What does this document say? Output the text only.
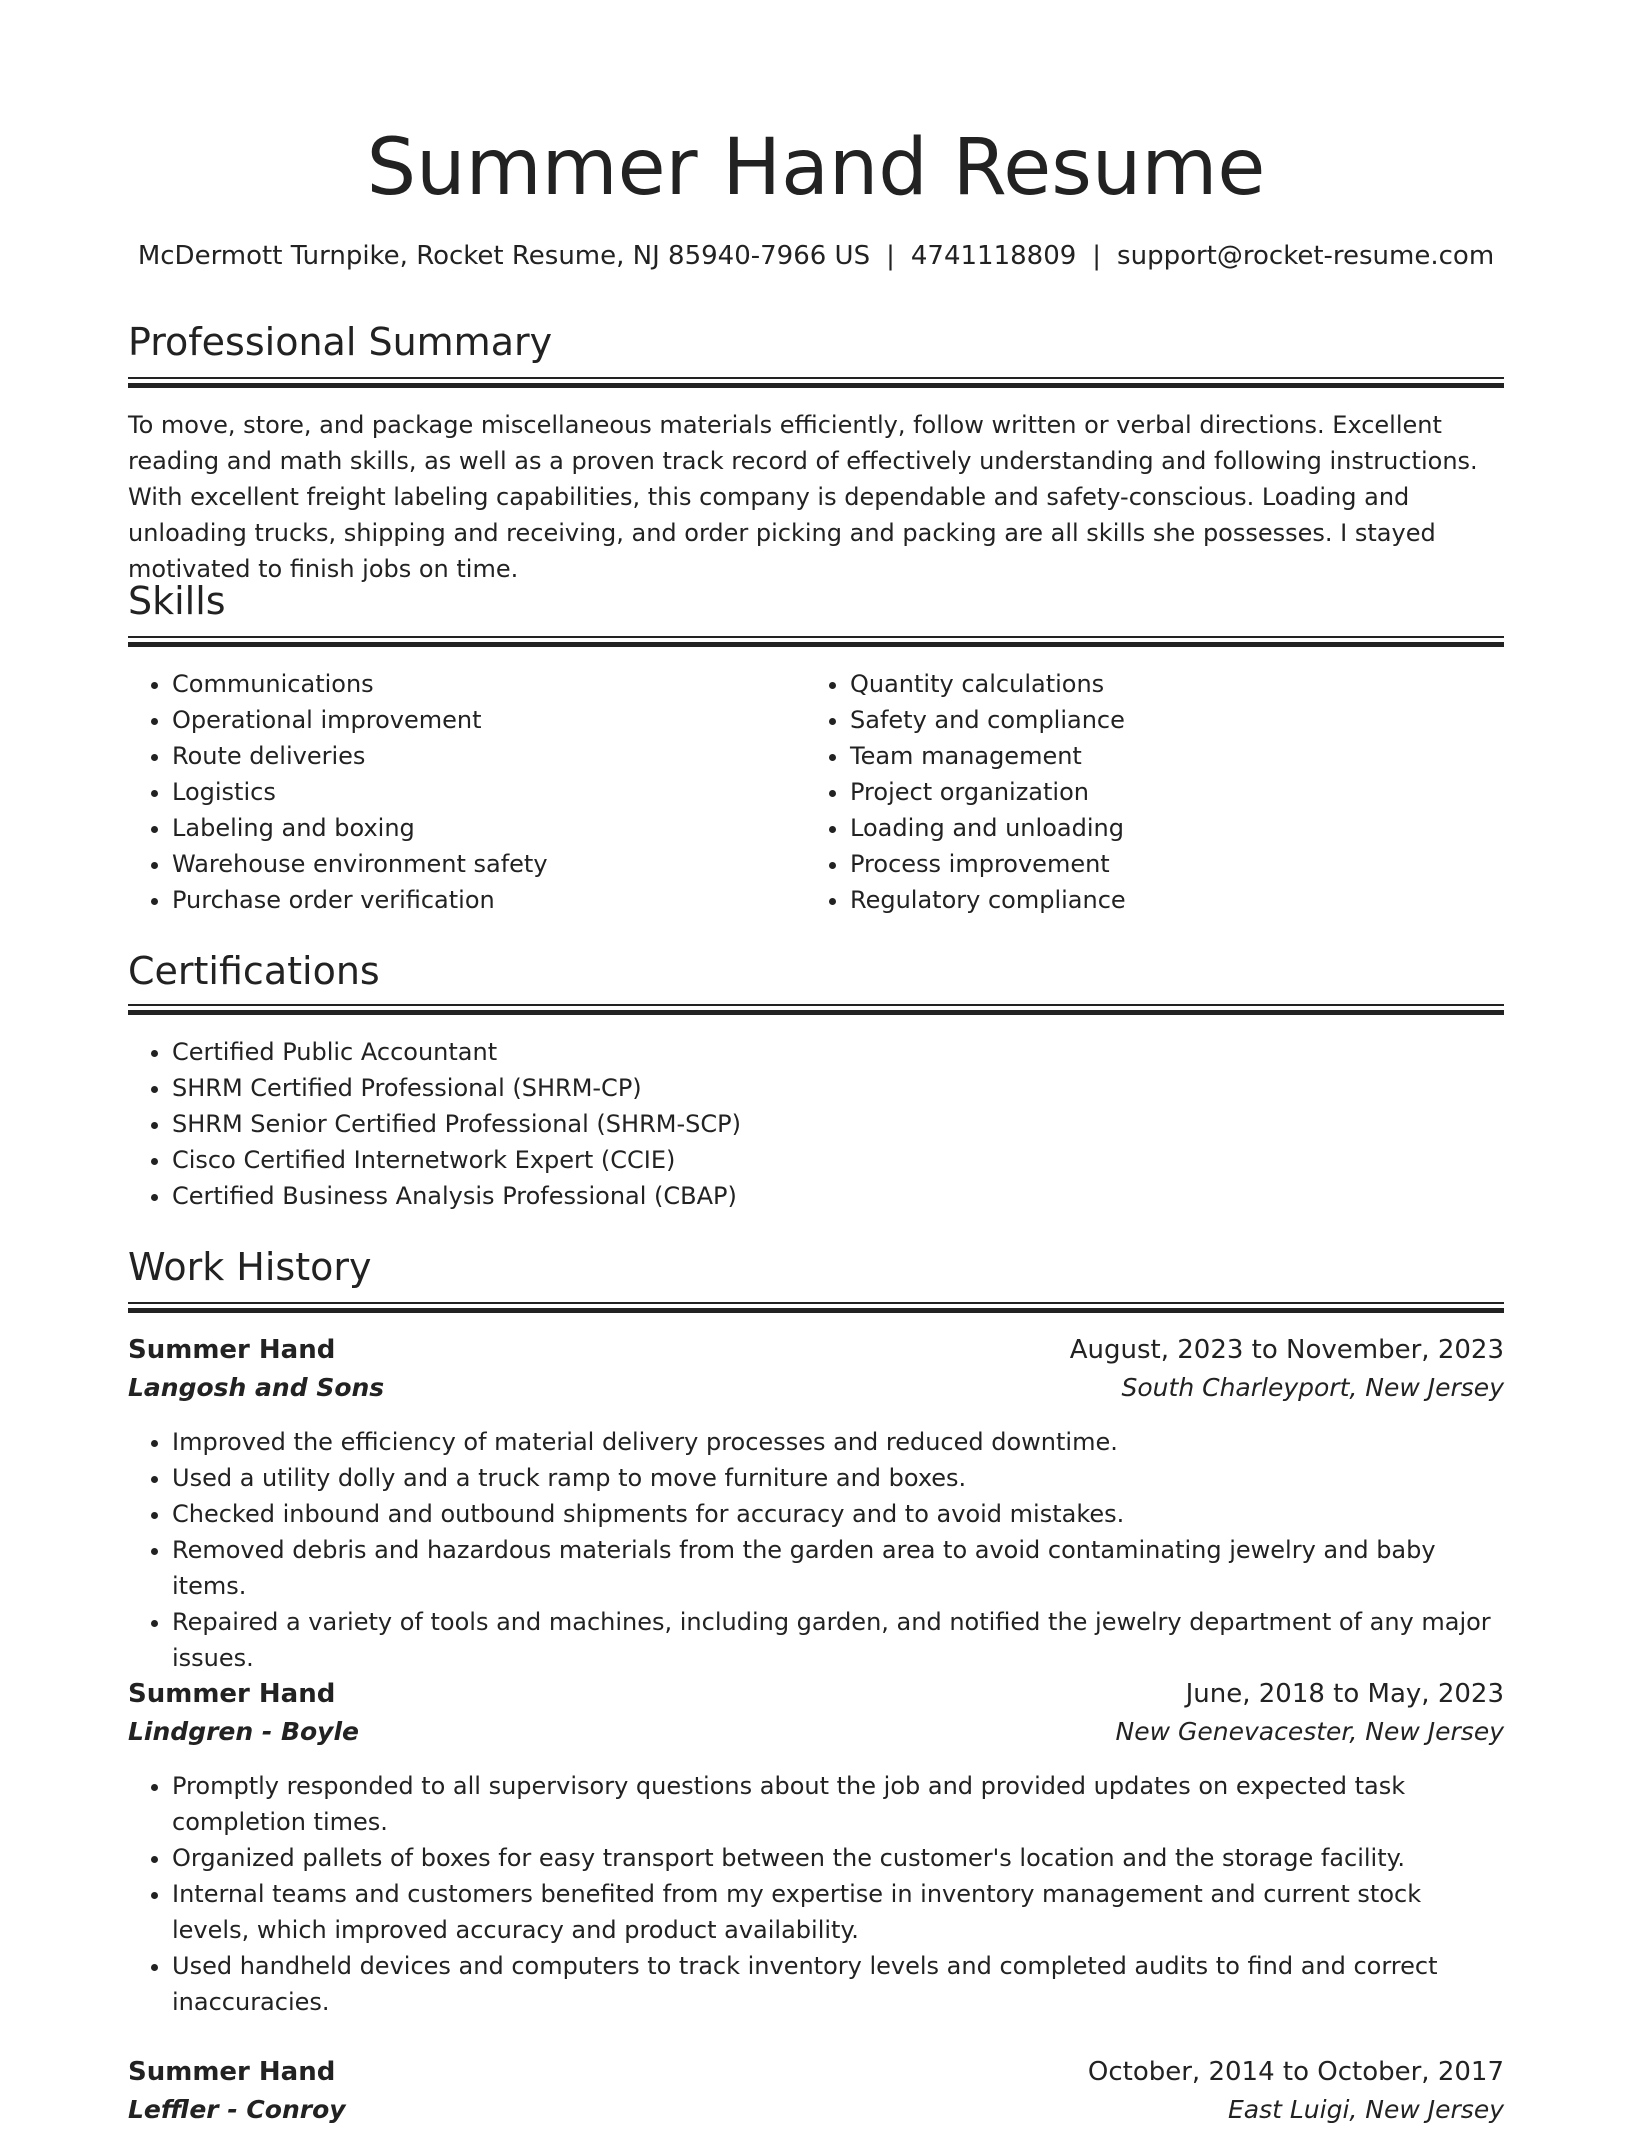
Summer Hand Resume
McDermott Turnpike, Rocket Resume, NJ 85940-7966 US | 4741118809 | support@rocket-resume.com
Professional Summary

To move, store, and package miscellaneous materials efficiently, follow written or verbal directions. Excellent reading and math skills, as well as a proven track record of effectively understanding and following instructions. With excellent freight labeling capabilities, this company is dependable and safety-conscious. Loading and unloading trucks, shipping and receiving, and order picking and packing are all skills she possesses. I stayed motivated to finish jobs on time.

Skills
• Communications
• Operational improvement
• Route deliveries
• Logistics
• Labeling and boxing
• Warehouse environment safety
• Purchase order verification
• Quantity calculations
• Safety and compliance
• Team management
• Project organization
• Loading and unloading
• Process improvement
• Regulatory compliance
Certifications
• Certified Public Accountant
• SHRM Certified Professional (SHRM-CP)
• SHRM Senior Certified Professional (SHRM-SCP)
• Cisco Certified Internetwork Expert (CCIE)
• Certified Business Analysis Professional (CBAP)
Work History
Summer Hand	August, 2023 to November, 2023
Langosh and Sons	South Charleyport, New Jersey
• Improved the efficiency of material delivery processes and reduced downtime.
• Used a utility dolly and a truck ramp to move furniture and boxes.
• Checked inbound and outbound shipments for accuracy and to avoid mistakes.
• Removed debris and hazardous materials from the garden area to avoid contaminating jewelry and baby items.
• Repaired a variety of tools and machines, including garden, and notified the jewelry department of any major issues.
Summer Hand	June, 2018 to May, 2023
Lindgren - Boyle	New Genevacester, New Jersey
• Promptly responded to all supervisory questions about the job and provided updates on expected task completion times.
• Organized pallets of boxes for easy transport between the customer's location and the storage facility.
• Internal teams and customers benefited from my expertise in inventory management and current stock levels, which improved accuracy and product availability.
• Used handheld devices and computers to track inventory levels and completed audits to find and correct inaccuracies.
Summer Hand	October, 2014 to October, 2017
Leffler - Conroy	East Luigi, New Jersey
